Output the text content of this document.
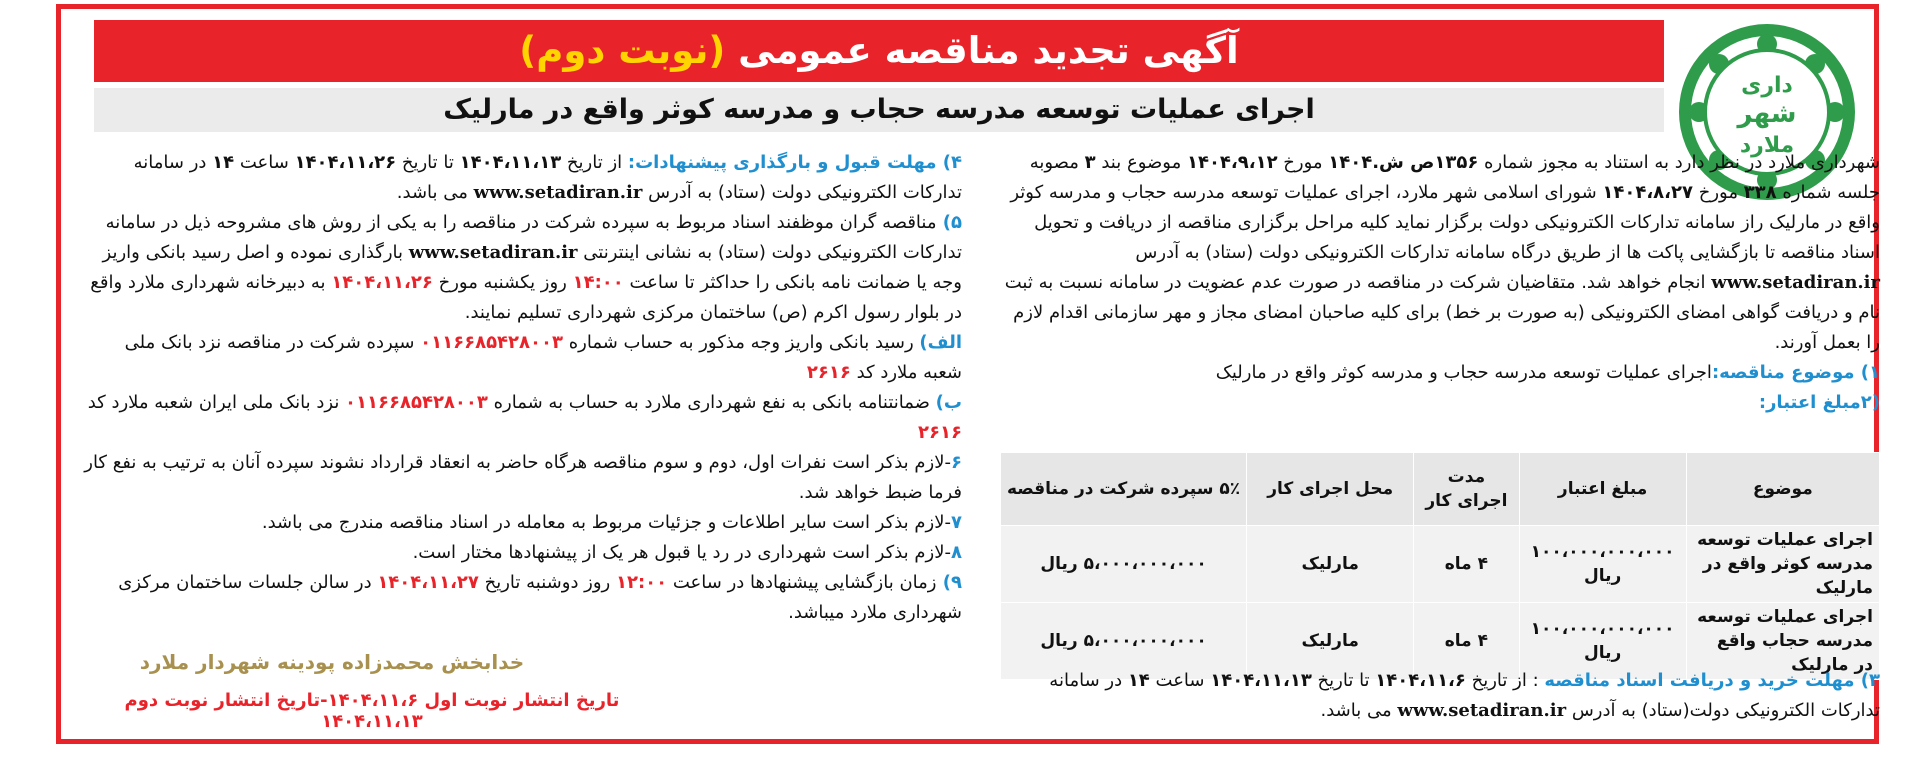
داری
شهر
ملارد
آگهی تجدید مناقصه عمومی (نوبت دوم)
اجرای عملیات توسعه مدرسه حجاب و مدرسه کوثر واقع در مارلیک

شهرداری ملارد در نظر دارد به استناد به مجوز شماره ۱۳۵۶ص ش.۱۴۰۴ مورخ ۱۴۰۴،۹،۱۲ موضوع بند ۳ مصوبه جلسه شماره ۳۳۸ مورخ ۱۴۰۴،۸،۲۷ شورای اسلامی شهر ملارد، اجرای عملیات توسعه مدرسه حجاب و مدرسه کوثر واقع در مارلیک راز سامانه تدارکات الکترونیکی دولت برگزار نماید کلیه مراحل برگزاری مناقصه از دریافت و تحویل اسناد مناقصه تا بازگشایی پاکت ها از طریق درگاه سامانه تدارکات الکترونیکی دولت (ستاد) به آدرس www.setadiran.ir انجام خواهد شد. متقاضیان شرکت در مناقصه در صورت عدم عضویت در سامانه نسبت به ثبت نام و دریافت گواهی امضای الکترونیکی (به صورت بر خط) برای کلیه صاحبان امضای مجاز و مهر سازمانی اقدام لازم را بعمل آورند.

۱) موضوع مناقصه:اجرای عملیات توسعه مدرسه حجاب و مدرسه کوثر واقع در مارلیک

(۲مبلغ اعتبار:

موضوع	مبلغ اعتبار	مدت اجرای کار	محل اجرای کار	۵٪ سپرده شرکت در مناقصه
اجرای عملیات توسعه مدرسه کوثر واقع در مارلیک	۱۰۰،۰۰۰،۰۰۰،۰۰۰ ریال	۴ ماه	مارلیک	۵،۰۰۰،۰۰۰،۰۰۰ ریال
اجرای عملیات توسعه مدرسه حجاب واقع در مارلیک	۱۰۰،۰۰۰،۰۰۰،۰۰۰ ریال	۴ ماه	مارلیک	۵،۰۰۰،۰۰۰،۰۰۰ ریال

۳) مهلت خرید و دریافت اسناد مناقصه : از تاریخ ۱۴۰۴،۱۱،۶ تا تاریخ ۱۴۰۴،۱۱،۱۳ ساعت ۱۴ در سامانه تدارکات الکترونیکی دولت(ستاد) به آدرس www.setadiran.ir می باشد.

۴) مهلت قبول و بارگذاری پیشنهادات: از تاریخ ۱۴۰۴،۱۱،۱۳ تا تاریخ ۱۴۰۴،۱۱،۲۶ ساعت ۱۴ در سامانه تدارکات الکترونیکی دولت (ستاد) به آدرس www.setadiran.ir می باشد.

۵) مناقصه گران موظفند اسناد مربوط به سپرده شرکت در مناقصه را به یکی از روش های مشروحه ذیل در سامانه تدارکات الکترونیکی دولت (ستاد) به نشانی اینترنتی www.setadiran.ir بارگذاری نموده و اصل رسید بانکی واریز وجه یا ضمانت نامه بانکی را حداکثر تا ساعت ۱۴:۰۰ روز یکشنبه مورخ ۱۴۰۴،۱۱،۲۶ به دبیرخانه شهرداری ملارد واقع در بلوار رسول اکرم (ص) ساختمان مرکزی شهرداری تسلیم نمایند.

الف) رسید بانکی واریز وجه مذکور به حساب شماره ۰۱۱۶۶۸۵۴۲۸۰۰۳ سپرده شرکت در مناقصه نزد بانک ملی شعبه ملارد کد ۲۶۱۶

ب) ضمانتنامه بانکی به نفع شهرداری ملارد به حساب به شماره ۰۱۱۶۶۸۵۴۲۸۰۰۳ نزد بانک ملی ایران شعبه ملارد کد ۲۶۱۶

۶-لازم بذکر است نفرات اول، دوم و سوم مناقصه هرگاه حاضر به انعقاد قرارداد نشوند سپرده آنان به ترتیب به نفع کار فرما ضبط خواهد شد.

۷-لازم بذکر است سایر اطلاعات و جزئیات مربوط به معامله در اسناد مناقصه مندرج می باشد.

۸-لازم بذکر است شهرداری در رد یا قبول هر یک از پیشنهادها مختار است.

۹) زمان بازگشایی پیشنهادها در ساعت ۱۲:۰۰ روز دوشنبه تاریخ ۱۴۰۴،۱۱،۲۷ در سالن جلسات ساختمان مرکزی شهرداری ملارد میباشد.

خدابخش محمدزاده پودینه شهردار ملارد
تاریخ انتشار نوبت اول ۱۴۰۴،۱۱،۶-تاریخ انتشار نوبت دوم ۱۴۰۴،۱۱،۱۳
